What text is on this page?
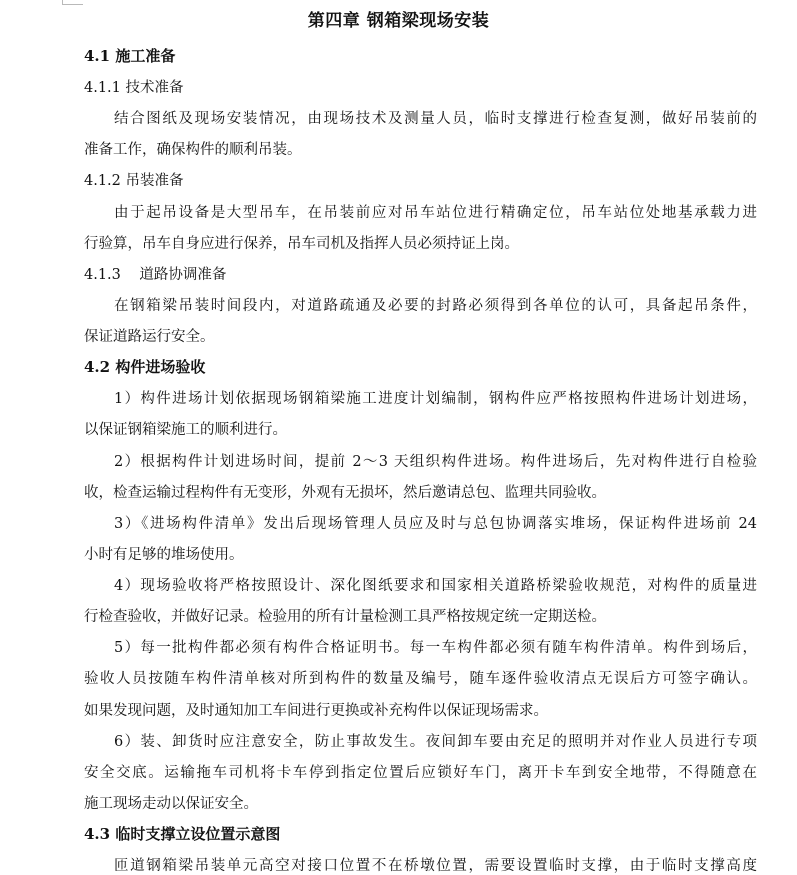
第四章 钢箱梁现场安装
4.1 施工准备
4.1.1 技术准备
结合图纸及现场安装情况，由现场技术及测量人员，临时支撑进行检查复测，做好吊装前的
准备工作，确保构件的顺利吊装。
4.1.2 吊装准备
由于起吊设备是大型吊车，在吊装前应对吊车站位进行精确定位，吊车站位处地基承载力进
行验算，吊车自身应进行保养，吊车司机及指挥人员必须持证上岗。
4.1.3    道路协调准备
在钢箱梁吊装时间段内，对道路疏通及必要的封路必须得到各单位的认可，具备起吊条件，
保证道路运行安全。
4.2 构件进场验收
1）构件进场计划依据现场钢箱梁施工进度计划编制，钢构件应严格按照构件进场计划进场，
以保证钢箱梁施工的顺利进行。
2）根据构件计划进场时间，提前 2～3 天组织构件进场。构件进场后，先对构件进行自检验
收，检查运输过程构件有无变形，外观有无损坏，然后邀请总包、监理共同验收。
3）《进场构件清单》发出后现场管理人员应及时与总包协调落实堆场，保证构件进场前 24
小时有足够的堆场使用。
4）现场验收将严格按照设计、深化图纸要求和国家相关道路桥梁验收规范，对构件的质量进
行检查验收，并做好记录。检验用的所有计量检测工具严格按规定统一定期送检。
5）每一批构件都必须有构件合格证明书。每一车构件都必须有随车构件清单。构件到场后，
验收人员按随车构件清单核对所到构件的数量及编号，随车逐件验收清点无误后方可签字确认。
如果发现问题，及时通知加工车间进行更换或补充构件以保证现场需求。
6）装、卸货时应注意安全，防止事故发生。夜间卸车要由充足的照明并对作业人员进行专项
安全交底。运输拖车司机将卡车停到指定位置后应锁好车门，离开卡车到安全地带，不得随意在
施工现场走动以保证安全。
4.3 临时支撑立设位置示意图
匝道钢箱梁吊装单元高空对接口位置不在桥墩位置，需要设置临时支撑，由于临时支撑高度
